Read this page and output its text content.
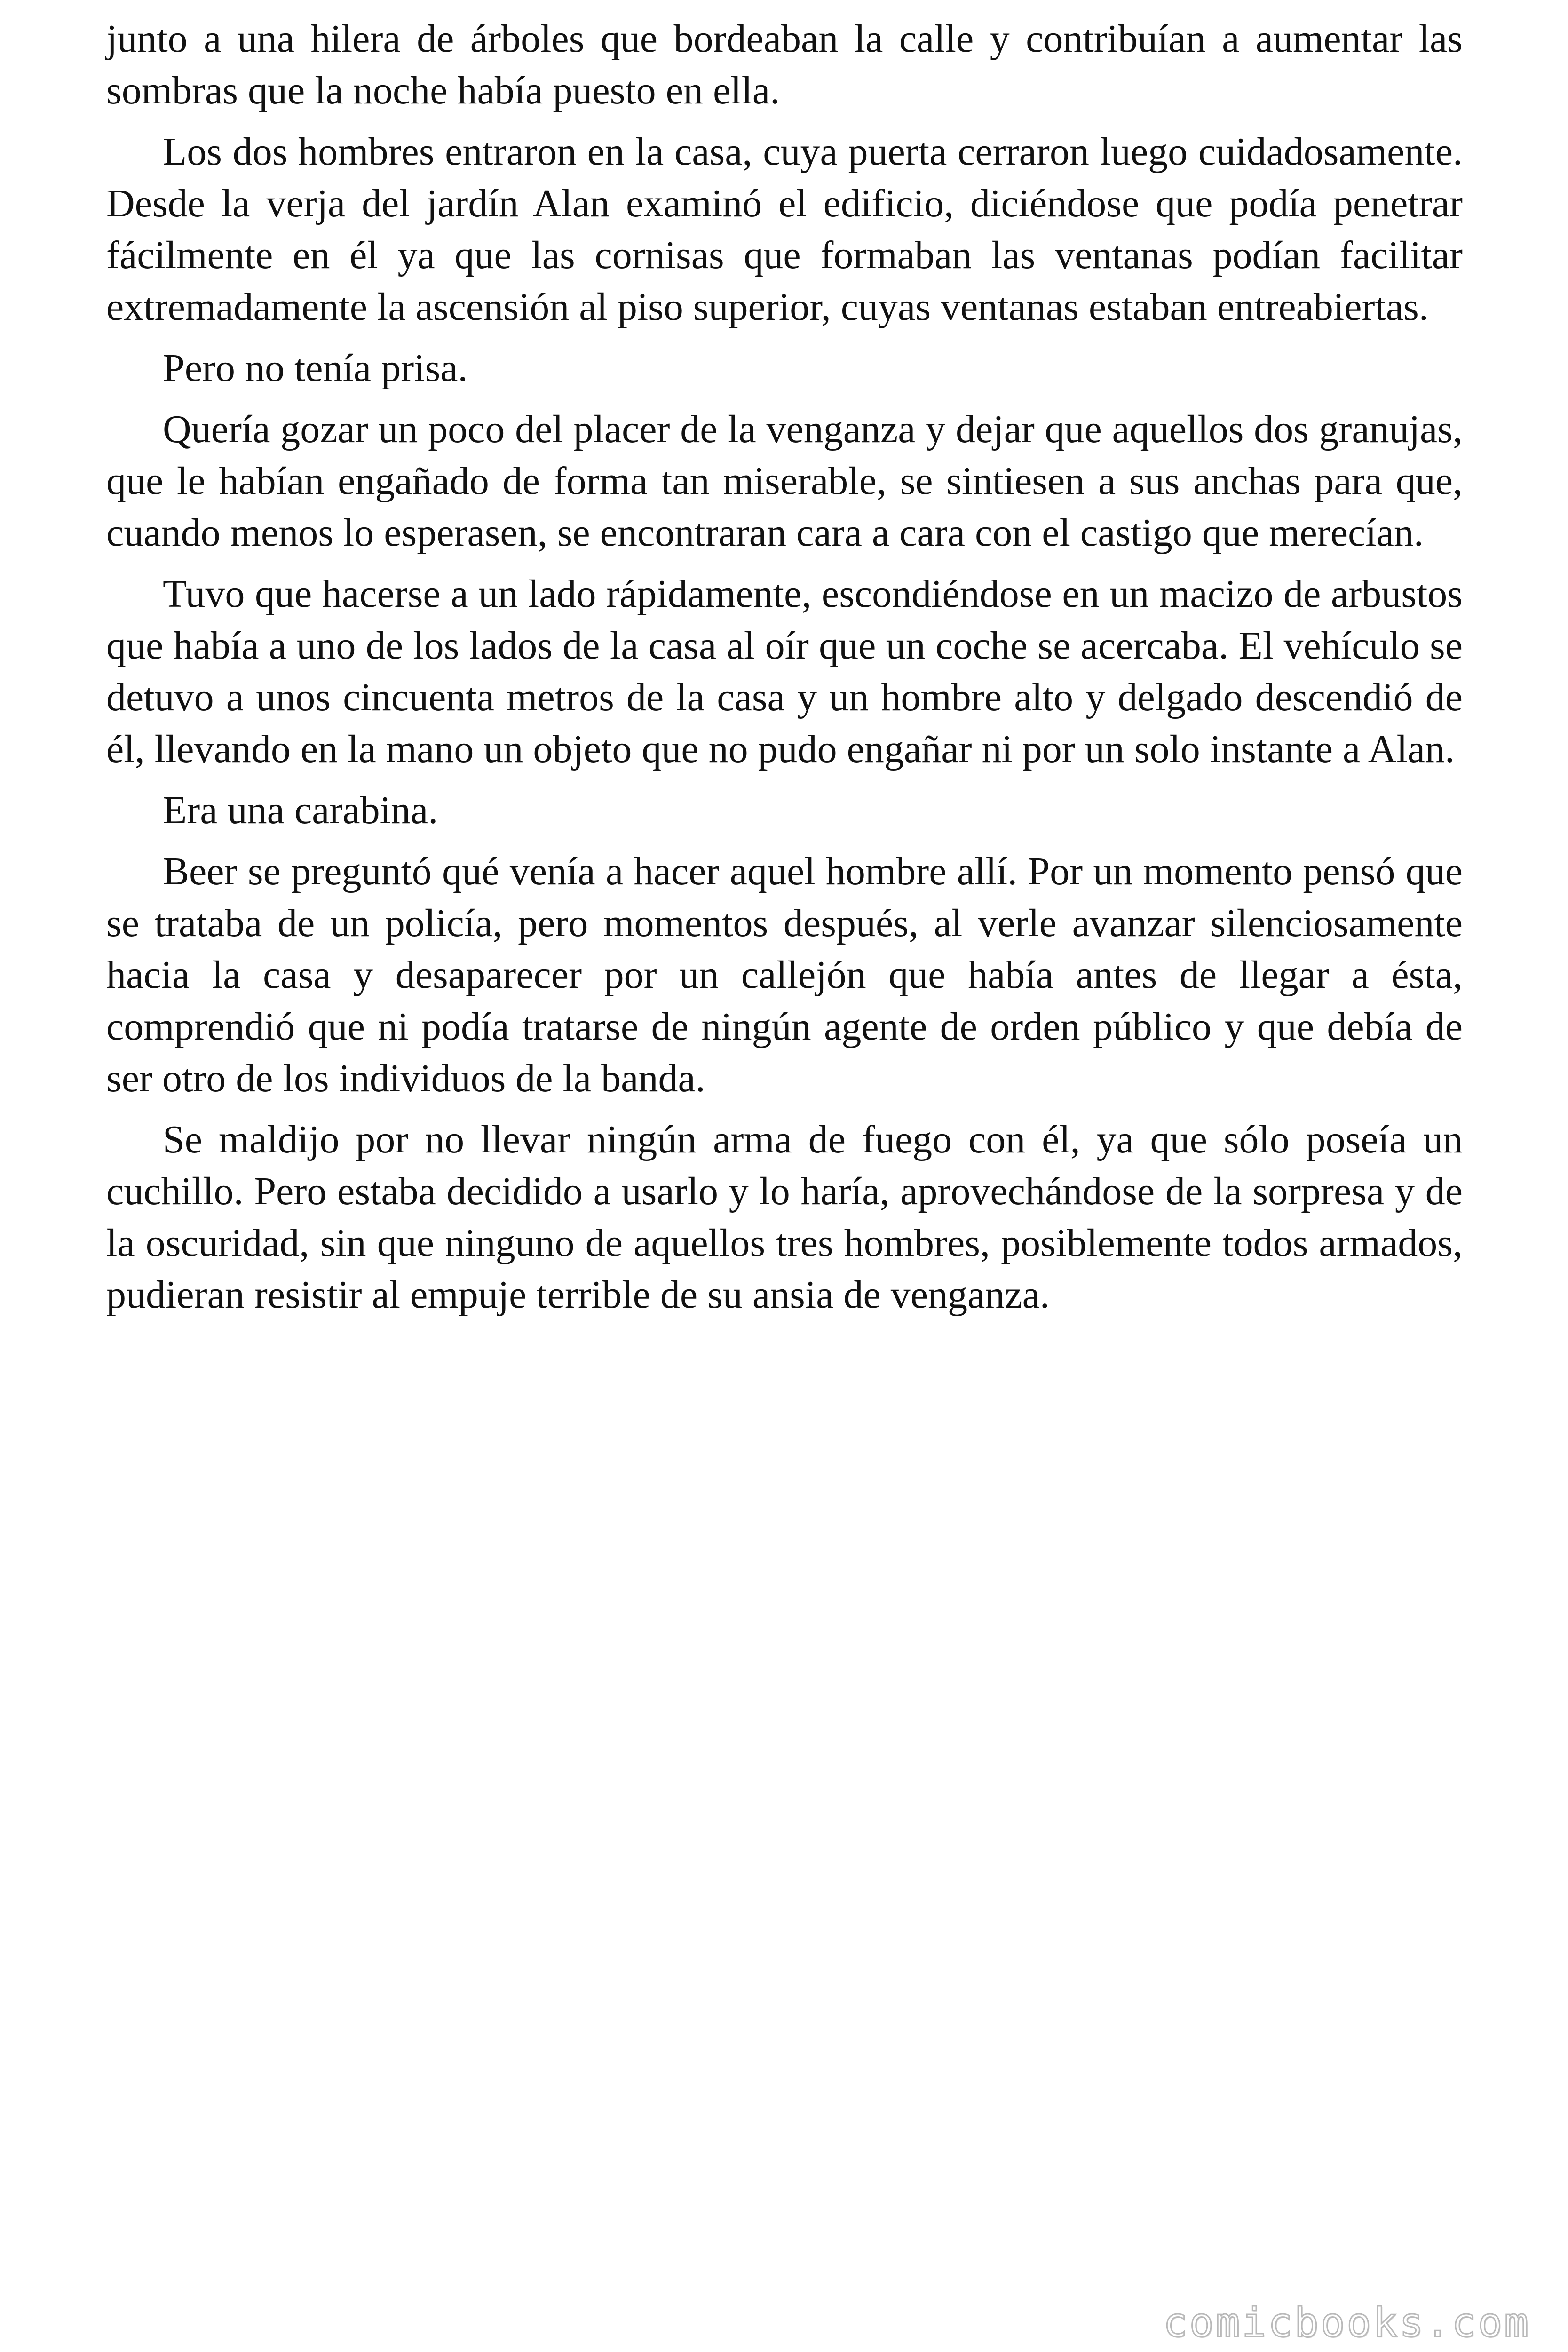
junto a una hilera de árboles que bordeaban la calle y contribuían a aumentar las sombras que la noche había puesto en ella.

Los dos hombres entraron en la casa, cuya puerta cerraron luego cuidadosamente. Desde la verja del jardín Alan examinó el edificio, diciéndose que podía penetrar fácilmente en él ya que las cornisas que formaban las ventanas podían facilitar extremadamente la ascensión al piso superior, cuyas ventanas estaban entreabiertas.

Pero no tenía prisa.

Quería gozar un poco del placer de la venganza y dejar que aquellos dos granujas, que le habían engañado de forma tan miserable, se sintiesen a sus anchas para que, cuando menos lo esperasen, se encontraran cara a cara con el castigo que merecían.

Tuvo que hacerse a un lado rápidamente, escondiéndose en un macizo de arbustos que había a uno de los lados de la casa al oír que un coche se acercaba. El vehículo se detuvo a unos cincuenta metros de la casa y un hombre alto y delgado descendió de él, llevando en la mano un objeto que no pudo engañar ni por un solo instante a Alan.

Era una carabina.

Beer se preguntó qué venía a hacer aquel hombre allí. Por un momento pensó que se trataba de un policía, pero momentos después, al verle avanzar silenciosamente hacia la casa y desaparecer por un callejón que había antes de llegar a ésta, comprendió que ni podía tratarse de ningún agente de orden público y que debía de ser otro de los individuos de la banda.

Se maldijo por no llevar ningún arma de fuego con él, ya que sólo poseía un cuchillo. Pero estaba decidido a usarlo y lo haría, aprovechándose de la sorpresa y de la oscuridad, sin que ninguno de aquellos tres hombres, posiblemente todos armados, pudieran resistir al empuje terrible de su ansia de venganza.

comicbooks.com
